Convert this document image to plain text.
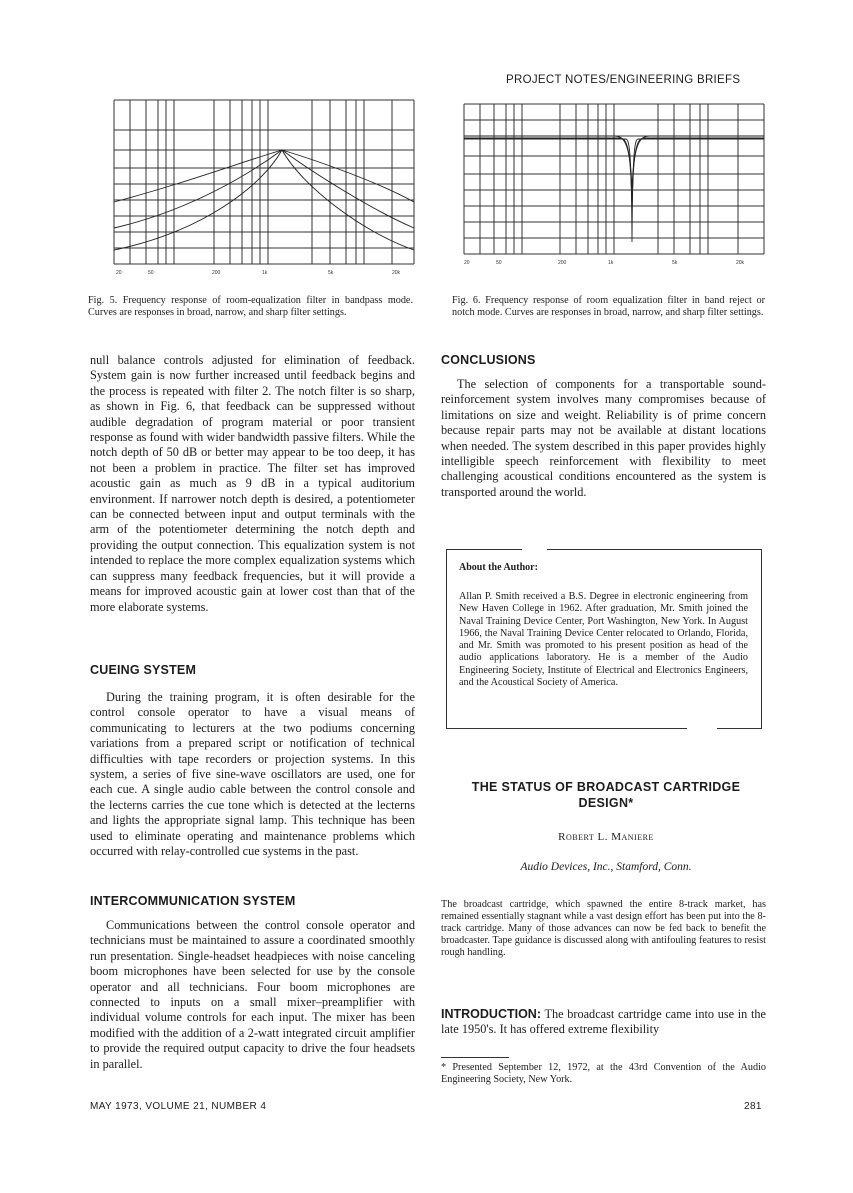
PROJECT NOTES/ENGINEERING BRIEFS
20	50	200	1k	5k	20k
Fig. 5. Frequency response of room-equalization filter in bandpass mode. Curves are responses in broad, narrow, and sharp filter settings.
20	50	200	1k	5k	20k
Fig. 6. Frequency response of room equalization filter in band reject or notch mode. Curves are responses in broad, narrow, and sharp filter settings.

null balance controls adjusted for elimination of feedback. System gain is now further increased until feedback begins and the process is repeated with filter 2. The notch filter is so sharp, as shown in Fig. 6, that feedback can be suppressed without audible degradation of program material or poor transient response as found with wider bandwidth passive filters. While the notch depth of 50 dB or better may appear to be too deep, it has not been a problem in practice. The filter set has improved acoustic gain as much as 9 dB in a typical auditorium environment. If narrower notch depth is desired, a potentiometer can be connected between input and output terminals with the arm of the potentiometer determining the notch depth and providing the output connection. This equalization system is not intended to replace the more complex equalization systems which can suppress many feedback frequencies, but it will provide a means for improved acoustic gain at lower cost than that of the more elaborate systems.

CUEING SYSTEM

During the training program, it is often desirable for the control console operator to have a visual means of communicating to lecturers at the two podiums concerning variations from a prepared script or notification of technical difficulties with tape recorders or projection systems. In this system, a series of five sine-wave oscillators are used, one for each cue. A single audio cable between the control console and the lecterns carries the cue tone which is detected at the lecterns and lights the appropriate signal lamp. This technique has been used to eliminate operating and maintenance problems which occurred with relay-controlled cue systems in the past.

INTERCOMMUNICATION SYSTEM

Communications between the control console operator and technicians must be maintained to assure a coordinated smoothly run presentation. Single-headset headpieces with noise canceling boom microphones have been selected for use by the console operator and all technicians. Four boom microphones are connected to inputs on a small mixer–preamplifier with individual volume controls for each input. The mixer has been modified with the addition of a 2-watt integrated circuit amplifier to provide the required output capacity to drive the four headsets in parallel.

CONCLUSIONS

The selection of components for a transportable sound-reinforcement system involves many compromises because of limitations on size and weight. Reliability is of prime concern because repair parts may not be available at distant locations when needed. The system described in this paper provides highly intelligible speech reinforcement with flexibility to meet challenging acoustical conditions encountered as the system is transported around the world.

About the Author:
Allan P. Smith received a B.S. Degree in electronic engineering from New Haven College in 1962. After graduation, Mr. Smith joined the Naval Training Device Center, Port Washington, New York. In August 1966, the Naval Training Device Center relocated to Orlando, Florida, and Mr. Smith was promoted to his present position as head of the audio applications laboratory. He is a member of the Audio Engineering Society, Institute of Electrical and Electronics Engineers, and the Acoustical Society of America.
THE STATUS OF BROADCAST CARTRIDGE
DESIGN*
Robert L. Maniere
Audio Devices, Inc., Stamford, Conn.
The broadcast cartridge, which spawned the entire 8-track market, has remained essentially stagnant while a vast design effort has been put into the 8-track cartridge. Many of those advances can now be fed back to benefit the broadcaster. Tape guidance is discussed along with antifouling features to resist rough handling.

INTRODUCTION: The broadcast cartridge came into use in the late 1950's. It has offered extreme flexibility

* Presented September 12, 1972, at the 43rd Convention of the Audio Engineering Society, New York.
MAY 1973, VOLUME 21, NUMBER 4	281
